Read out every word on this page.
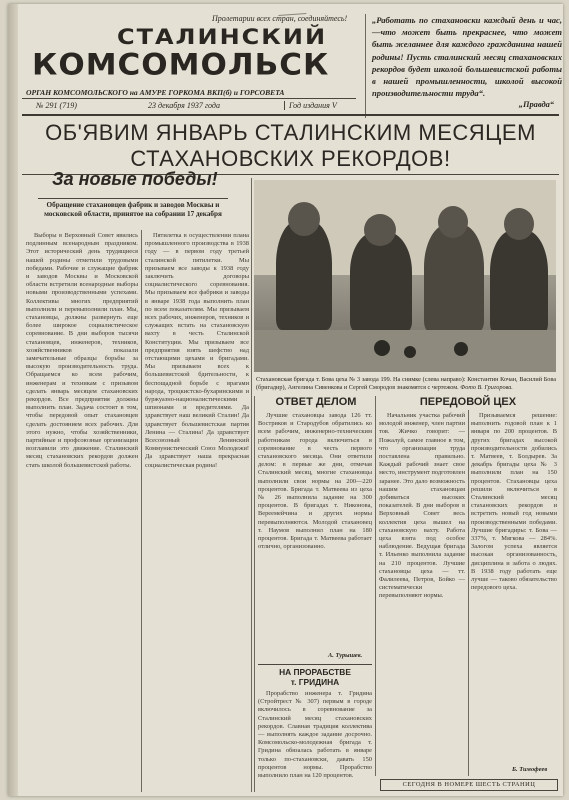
Пролетарии всех стран, соединяйтесь!
СТАЛИНСКИЙ
КОМСОМОЛЬСК
ОРГАН КОМСОМОЛЬСКОГО на АМУРЕ ГОРКОМА ВКП(б) и ГОРСОВЕТА
„Работать по стахановски каждый день и час,—что может быть прекраснее, что может быть желаннее для каждого гражданина нашей родины! Пусть сталинский месяц стахановских рекордов будет школой большевистской работы в нашей промышленности, школой высокой производительности труда“.
„Правда“
№ 291 (719)	23 декабря 1937 года	Год издания V
ОБ'ЯВИМ ЯНВАРЬ СТАЛИНСКИМ МЕСЯЦЕМ
СТАХАНОВСКИХ РЕКОРДОВ!
За новые победы!
Обращение стахановцев фабрик и заводов Москвы и московской области, принятое на собрании 17 декабря

Выборы в Верховный Совет явились подлинным всенародным праздником. Этот исторический день трудящиеся нашей родины отметили трудовыми победами. Рабочие и служащие фабрик и заводов Москвы и Московской области встретили всенародные выборы новыми производственными успехами. Коллективы многих предприятий выполнили и перевыполнили план. Мы, стахановцы, должны развернуть еще более широкое социалистическое соревнование. В дни выборов тысячи стахановцев, инженеров, техников, хозяйственников показали замечательные образцы борьбы за высокую производительность труда. Обращаемся ко всем рабочим, инженерам и техникам с призывом сделать январь месяцем стахановских рекордов. Все предприятия должны выполнить план. Задача состоит в том, чтобы передовой опыт стахановцев сделать достоянием всех рабочих. Для этого нужно, чтобы хозяйственники, партийные и профсоюзные организации возглавили это движение. Сталинский месяц стахановских рекордов должен стать школой большевистской работы.

Пятилетка в осуществлении плана промышленного производства в 1938 году — в первом году третьей сталинской пятилетки. Мы призываем все заводы к 1938 году заключить договоры социалистического соревнования. Мы призываем все фабрики и заводы в январе 1938 года выполнить план по всем показателям. Мы призываем всех рабочих, инженеров, техников и служащих встать на стахановскую вахту в честь Сталинской Конституции. Мы призываем все предприятия взять шефство над отстающими цехами и бригадами. Мы призываем всех к большевистской бдительности, к беспощадной борьбе с врагами народа, троцкистско-бухаринскими и буржуазно-националистическими шпионами и вредителями. Да здравствует наш великий Сталин! Да здравствует большевистская партия Ленина — Сталина! Да здравствует Всесоюзный Ленинский Коммунистический Союз Молодежи! Да здравствует наша прекрасная социалистическая родина!

Стахановская бригада т. Бова цеха № 3 завода 199. На снимке (слева направо): Константин Кочан, Василий Бова (бригадир), Ангелина Сивенкова и Сергей Смородов знакомятся с чертежом. Фото В. Григорова.
ОТВЕТ ДЕЛОМ

Лучшие стахановцы завода 126 тт. Востриков и Стародубов обратились ко всем рабочим, инженерно-техническим работникам города включиться в соревнование в честь первого стахановского месяца. Они ответили делом: в первые же дни, отмечая Сталинский месяц, многие стахановцы выполнили свои нормы на 200—220 процентов. Бригада т. Матвеева из цеха № 26 выполнила задание на 300 процентов. В бригадах т. Никонова, Вереемейчина и других нормы перевыполняются. Молодой стахановец т. Наумов выполнил план на 180 процентов. Бригада т. Матвеева работает отлично, организованно.

А. Турышев.
НА ПРОРАБСТВЕ
т. ГРИДИНА

Прорабство инженера т. Гридина (Стройтрест № 307) первым в городе включилось в соревнование за Сталинский месяц стахановских рекордов. Славная традиция коллектива — выполнять каждое задание досрочно. Комсомольско-молодежная бригада т. Гридина обязалась работать в январе только по-стахановски, давать 150 процентов нормы. Прорабство выполнило план на 120 процентов.

ПЕРЕДОВОЙ ЦЕХ

Начальник участка рабочий молодой инженер, член партии тов. Жичко говорит: — Пожалуй, самое главное в том, что организация труда поставлена правильно. Каждый рабочий знает свое место, инструмент подготовлен заранее. Это дало возможность нашим стахановцам добиваться высоких показателей. В дни выборов в Верховный Совет весь коллектив цеха вышел на стахановскую вахту. Работа цеха взята под особое наблюдение. Ведущая бригада т. Ильенко выполнила задание на 210 процентов. Лучшие стахановцы цеха — тт. Фалилеева, Петров, Бойко — систематически перевыполняют нормы.

Призываемся решение: выполнить годовой план к 1 января по 200 процентов. В других бригадах высокой производительности добились т. Матвеев, т. Болдырев. За декабрь бригады цеха № 3 выполнили план на 150 процентов. Стахановцы цеха решили включиться в Сталинский месяц стахановских рекордов и встретить новый год новыми производственными победами. Лучшие бригадиры: т. Бова — 337%, т. Мягкова — 284%. Залогом успеха является высокая организованность, дисциплина и забота о людях. В 1938 году работать еще лучше — таково обязательство передового цеха.

Б. Тимофеев
СЕГОДНЯ В НОМЕРЕ ШЕСТЬ СТРАНИЦ
